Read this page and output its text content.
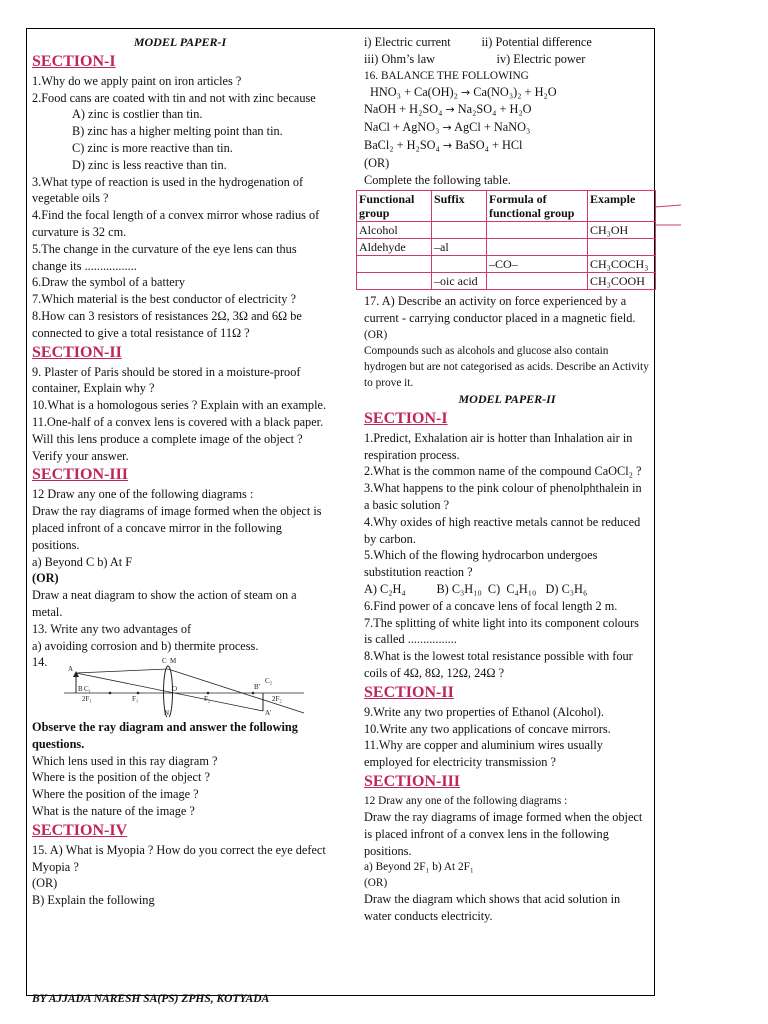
MODEL PAPER-I
SECTION-I
1.Why do we apply paint on iron articles ?
2.Food cans are coated with tin and not with zinc because
A) zinc is costlier than tin.
B) zinc has a higher melting point than tin.
C) zinc is more reactive than tin.
D) zinc is less reactive than tin.
3.What type of reaction is used in the hydrogenation of vegetable oils ?
4.Find the focal length of a convex mirror whose radius of curvature is 32 cm.
5.The change in the curvature of the eye lens can thus change its .................
6.Draw the symbol of a battery
7.Which material is the best conductor of electricity ?
8.How can 3 resistors of resistances 2Ω, 3Ω and 6Ω be connected to give a total resistance of 11Ω ?
SECTION-II
9. Plaster of Paris should be stored in a moisture-proof container, Explain why ?
10.What is a homologous series ? Explain with an example.
11.One-half of a convex lens is covered with a black paper. Will this lens produce a complete image of the object ? Verify your answer.
SECTION-III
12 Draw any one of the following diagrams :
Draw the ray diagrams of image formed when the object is placed infront of a concave mirror in the following positions.
a) Beyond C b) At F
(OR)
Draw a neat diagram to show the action of steam on a metal.
13. Write any two advantages of
a) avoiding corrosion and b) thermite process.
14.	A
B C₁
2F₁	F₁
C M
O
F₂
B'
C₂
2F₂
A'
N
Observe the ray diagram and answer the following questions.
Which lens used in this ray diagram ?
Where is the position of the object ?
Where the position of the image ?
What is the nature of the image ?
SECTION-IV
15. A) What is Myopia ? How do you correct the eye defect Myopia ?
(OR)
B) Explain the following
i) Electric current          ii) Potential difference
iii) Ohm’s law                    iv) Electric power
16. BALANCE THE FOLLOWING
HNO₃ + Ca(OH)₂ → Ca(NO₃)₂ + H₂O
NaOH + H₂SO₄ → Na₂SO₄ + H₂O
NaCl + AgNO₃ → AgCl + NaNO₃
BaCl₂ + H₂SO₄ → BaSO₄ + HCl
(OR)
Complete the following table.
Functional group	Suffix	Formula of functional group	Example
Alcohol			CH₃OH
Aldehyde	–al		
		–CO–	CH₃COCH₃
	–oic acid		CH₃COOH
17. A) Describe an activity on force experienced by a current - carrying conductor placed in a magnetic field.
(OR)
Compounds such as alcohols and glucose also contain hydrogen but are not categorised as acids. Describe an Activity to prove it.
MODEL PAPER-II
SECTION-I
1.Predict, Exhalation air is hotter than Inhalation air in respiration process.
2.What is the common name of the compound CaOCl₂ ?
3.What happens to the pink colour of phenolphthalein in a basic solution ?
4.Why oxides of high reactive metals cannot be reduced by carbon.
5.Which of the flowing hydrocarbon undergoes substitution reaction ?
A) C₂H₄          B) C₃H₁₀  C)  C₄H₁₀   D) C₃H₆
6.Find power of a concave lens of focal length 2 m.
7.The splitting of white light into its component colours is called ................
8.What is the lowest total resistance possible with four coils of 4Ω, 8Ω, 12Ω, 24Ω ?
SECTION-II
9.Write any two properties of Ethanol (Alcohol).
10.Write any two applications of concave mirrors.
11.Why are copper and aluminium wires usually employed for electricity transmission ?
SECTION-III
12 Draw any one of the following diagrams :
Draw the ray diagrams of image formed when the object is placed infront of a convex lens in the following positions.
a) Beyond 2F₁ b) At 2F₁
(OR)
Draw the diagram which shows that acid solution in water conducts electricity.
BY AJJADA NARESH SA(PS) ZPHS, KOTYADA
